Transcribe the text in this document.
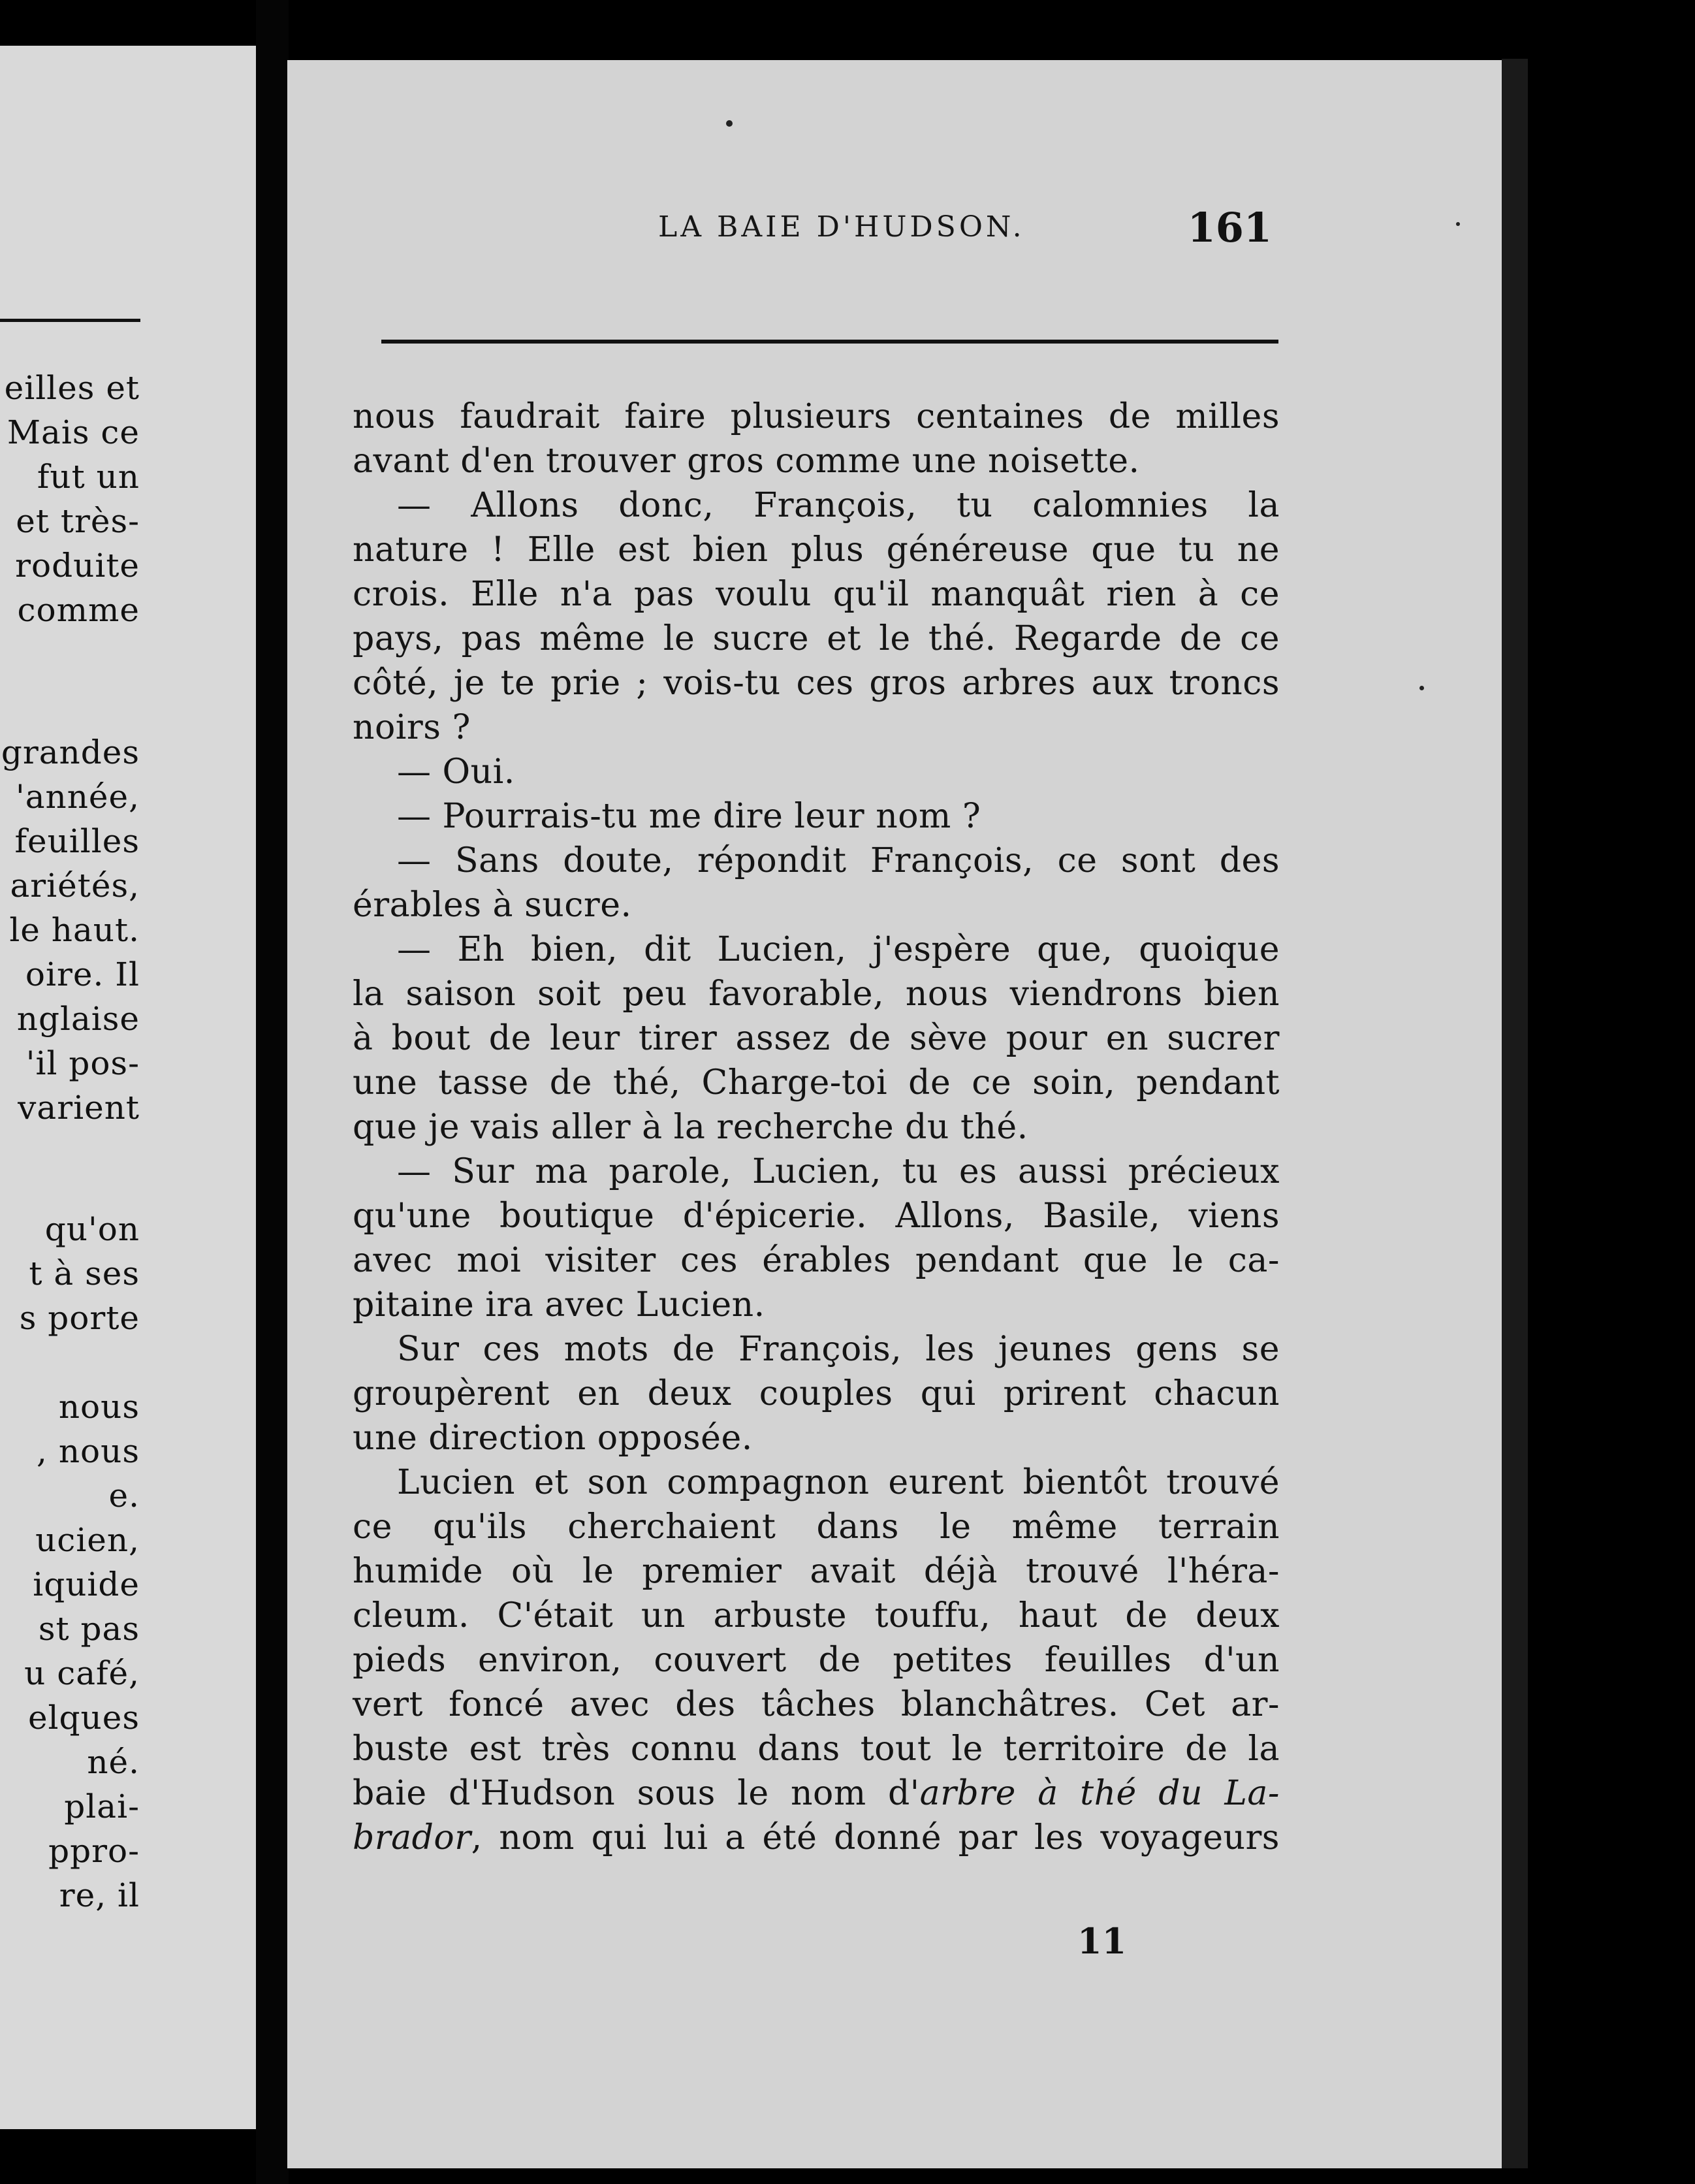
eilles et
Mais ce
fut un
et très-
roduite
comme
grandes
'année,
feuilles
ariétés,
le haut.
oire. Il
nglaise
'il pos-
varient
qu'on
t à ses
s porte
nous
, nous
e.
ucien,
iquide
st pas
u café,
elques
né.
plai-
ppro-
re, il
LA BAIE D'HUDSON.	161
nous faudrait faire plusieurs centaines de milles
avant d'en trouver gros comme une noisette.
— Allons donc, François, tu calomnies la
nature ! Elle est bien plus généreuse que tu ne
crois. Elle n'a pas voulu qu'il manquât rien à ce
pays, pas même le sucre et le thé. Regarde de ce
côté, je te prie ; vois-tu ces gros arbres aux troncs
noirs ?
— Oui.
— Pourrais-tu me dire leur nom ?
— Sans doute, répondit François, ce sont des
érables à sucre.
— Eh bien, dit Lucien, j'espère que, quoique
la saison soit peu favorable, nous viendrons bien
à bout de leur tirer assez de sève pour en sucrer
une tasse de thé, Charge-toi de ce soin, pendant
que je vais aller à la recherche du thé.
— Sur ma parole, Lucien, tu es aussi précieux
qu'une boutique d'épicerie. Allons, Basile, viens
avec moi visiter ces érables pendant que le ca-
pitaine ira avec Lucien.
Sur ces mots de François, les jeunes gens se
groupèrent en deux couples qui prirent chacun
une direction opposée.
Lucien et son compagnon eurent bientôt trouvé
ce qu'ils cherchaient dans le même terrain
humide où le premier avait déjà trouvé l'héra-
cleum. C'était un arbuste touffu, haut de deux
pieds environ, couvert de petites feuilles d'un
vert foncé avec des tâches blanchâtres. Cet ar-
buste est très connu dans tout le territoire de la
baie d'Hudson sous le nom d'arbre à thé du La-
brador, nom qui lui a été donné par les voyageurs
11
